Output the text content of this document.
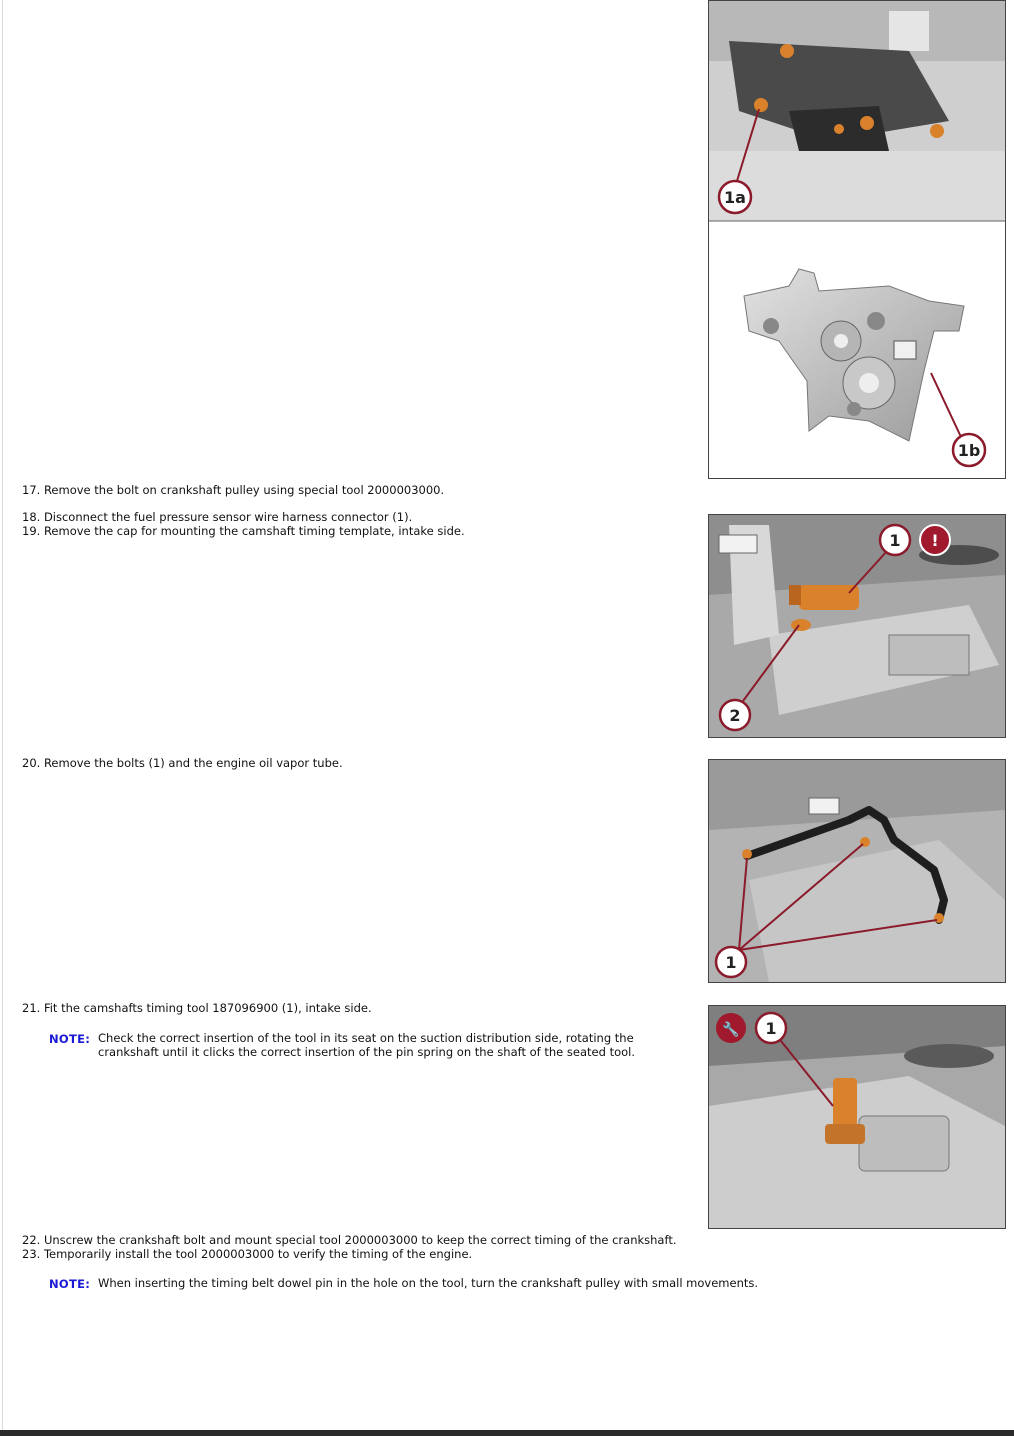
1a
1b
17. Remove the bolt on crankshaft pulley using special tool 2000003000.
18. Disconnect the fuel pressure sensor wire harness connector (1).
19. Remove the cap for mounting the camshaft timing template, intake side.	1 !
2
20. Remove the bolts (1) and the engine oil vapor tube.
1
21. Fit the camshafts timing tool 187096900 (1), intake side.
NOTE: Check the correct insertion of the tool in its seat on the suction distribution side, rotating the
crankshaft until it clicks the correct insertion of the pin spring on the shaft of the seated tool.
🔧 1
22. Unscrew the crankshaft bolt and mount special tool 2000003000 to keep the correct timing of the crankshaft.
23. Temporarily install the tool 2000003000 to verify the timing of the engine.
NOTE: When inserting the timing belt dowel pin in the hole on the tool, turn the crankshaft pulley with small movements.
